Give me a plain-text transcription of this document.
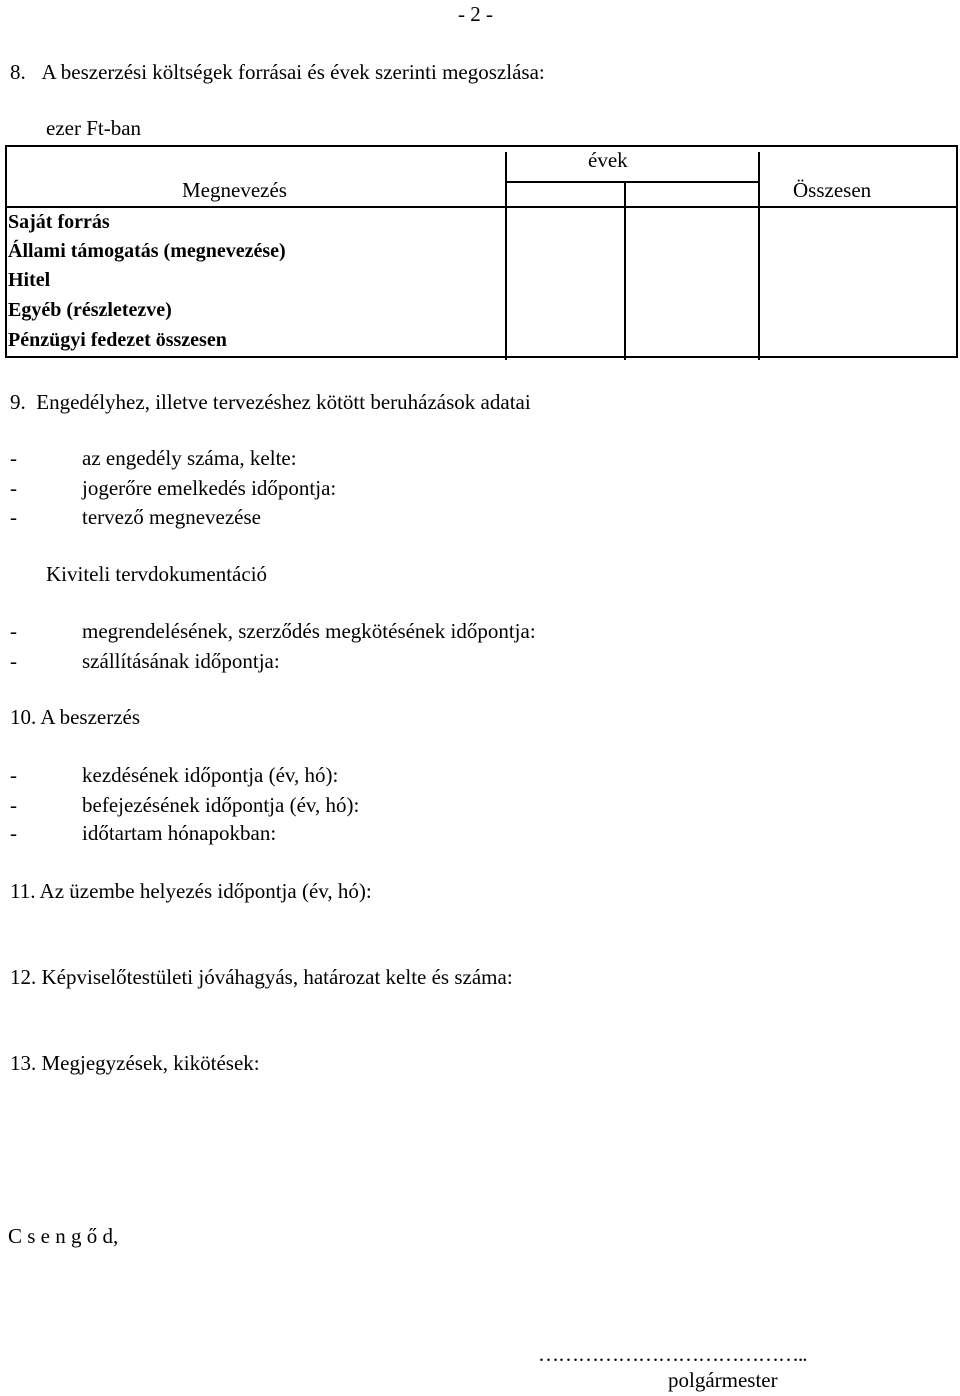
- 2 -
8.   A beszerzési költségek forrásai és évek szerinti megoszlása:
ezer Ft-ban
évek
Megnevezés	Összesen
Saját forrás
Állami támogatás (megnevezése)
Hitel
Egyéb (részletezve)
Pénzügyi fedezet összesen
9.  Engedélyhez, illetve tervezéshez kötött beruházások adatai
-	az engedély száma, kelte:
-	jogerőre emelkedés időpontja:
-	tervező megnevezése
Kiviteli tervdokumentáció
-	megrendelésének, szerződés megkötésének időpontja:
-	szállításának időpontja:
10. A beszerzés
-	kezdésének időpontja (év, hó):
-	befejezésének időpontja (év, hó):
-	időtartam hónapokban:
11. Az üzembe helyezés időpontja (év, hó):
12. Képviselőtestületi jóváhagyás, határozat kelte és száma:
13. Megjegyzések, kikötések:
C s e n g ő d,
…………………………………..
polgármester
